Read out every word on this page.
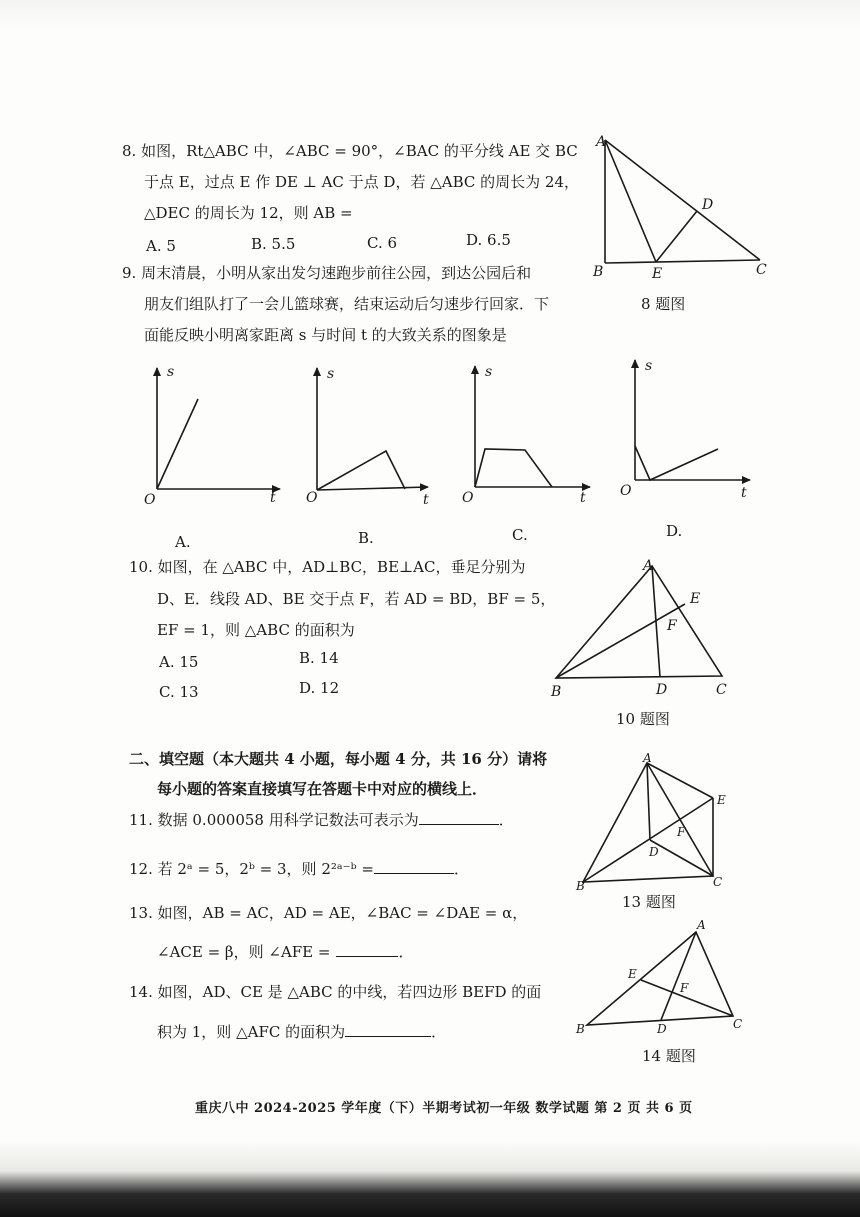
8. 如图，Rt△ABC 中，∠ABC = 90°，∠BAC 的平分线 AE 交 BC
于点 E，过点 E 作 DE ⊥ AC 于点 D，若 △ABC 的周长为 24，
△DEC 的周长为 12，则 AB =
A. 5	B. 5.5	C. 6	D. 6.5
A
B	C
D
E
8 题图
9. 周末清晨，小明从家出发匀速跑步前往公园，到达公园后和
朋友们组队打了一会儿篮球赛，结束运动后匀速步行回家．下
面能反映小明离家距离 s 与时间 t 的大致关系的图象是
s
t
O
s
t
O
s
t
O
s
t
O
A.	B.	C.	D.
10. 如图，在 △ABC 中，AD⊥BC，BE⊥AC，垂足分别为
D、E．线段 AD、BE 交于点 F，若 AD = BD，BF = 5，
EF = 1，则 △ABC 的面积为
A. 15	B. 14
C. 13	D. 12
A
B	C
D
E
F
10 题图
二、填空题（本大题共 4 小题，每小题 4 分，共 16 分）请将
每小题的答案直接填写在答题卡中对应的横线上．
11. 数据 0.000058 用科学记数法可表示为	．
12. 若 2ᵃ = 5，2ᵇ = 3，则 2²ᵃ⁻ᵇ =	．
13. 如图，AB = AC，AD = AE，∠BAC = ∠DAE = α，
∠ACE = β，则 ∠AFE =	．
A
B	C
D
E
F
13 题图
14. 如图，AD、CE 是 △ABC 的中线，若四边形 BEFD 的面
积为 1，则 △AFC 的面积为	．
A
B	C
D
E
F
14 题图
重庆八中 2024-2025 学年度（下）半期考试初一年级 数学试题 第 2 页 共 6 页
